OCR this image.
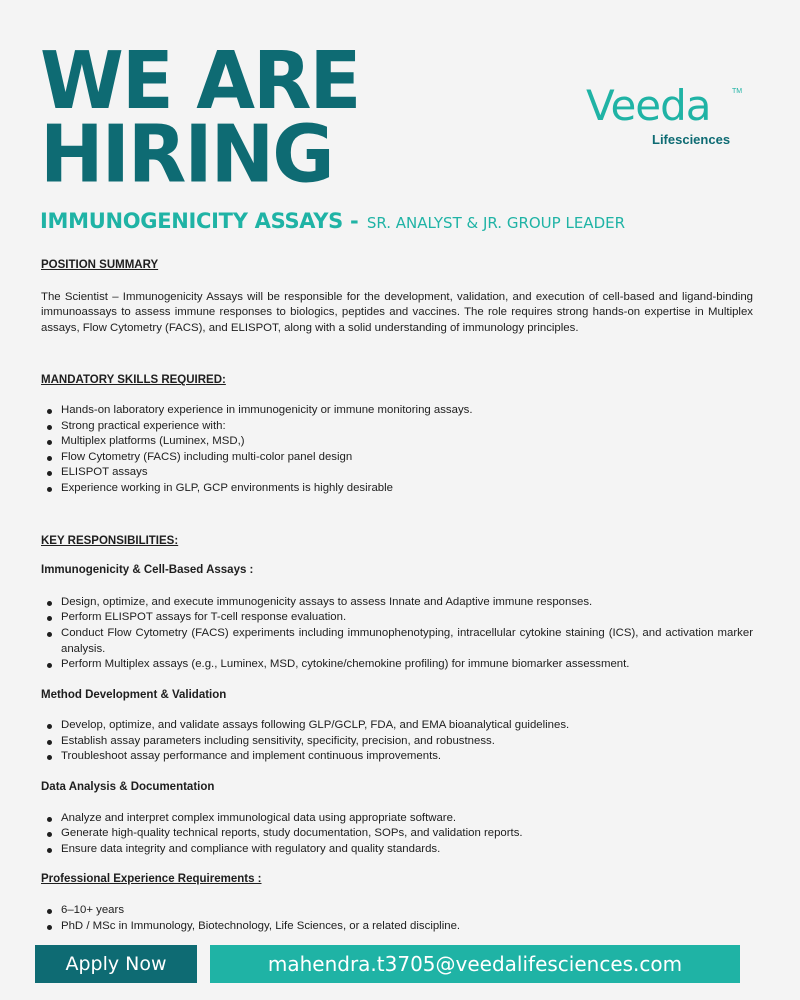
WE ARE
HIRING
Veeda	TM
Lifesciences
IMMUNOGENICITY ASSAYS - SR. ANALYST & JR. GROUP LEADER
POSITION SUMMARY
The Scientist – Immunogenicity Assays will be responsible for the development, validation, and execution of cell-based and ligand-binding immunoassays to assess immune responses to biologics, peptides and vaccines. The role requires strong hands-on expertise in Multiplex assays, Flow Cytometry (FACS), and ELISPOT, along with a solid understanding of immunology principles.
MANDATORY SKILLS REQUIRED:
Hands-on laboratory experience in immunogenicity or immune monitoring assays.
Strong practical experience with:
Multiplex platforms (Luminex, MSD,)
Flow Cytometry (FACS) including multi-color panel design
ELISPOT assays
Experience working in GLP, GCP environments is highly desirable
KEY RESPONSIBILITIES:
Immunogenicity & Cell-Based Assays :
Design, optimize, and execute immunogenicity assays to assess Innate and Adaptive immune responses.
Perform ELISPOT assays for T-cell response evaluation.
Conduct Flow Cytometry (FACS) experiments including immunophenotyping, intracellular cytokine staining (ICS), and activation marker analysis.
Perform Multiplex assays (e.g., Luminex, MSD, cytokine/chemokine profiling) for immune biomarker assessment.
Method Development & Validation
Develop, optimize, and validate assays following GLP/GCLP, FDA, and EMA bioanalytical guidelines.
Establish assay parameters including sensitivity, specificity, precision, and robustness.
Troubleshoot assay performance and implement continuous improvements.
Data Analysis & Documentation
Analyze and interpret complex immunological data using appropriate software.
Generate high-quality technical reports, study documentation, SOPs, and validation reports.
Ensure data integrity and compliance with regulatory and quality standards.
Professional Experience Requirements :
6–10+ years
PhD / MSc in Immunology, Biotechnology, Life Sciences, or a related discipline.
Apply Now	mahendra.t3705@veedalifesciences.com
